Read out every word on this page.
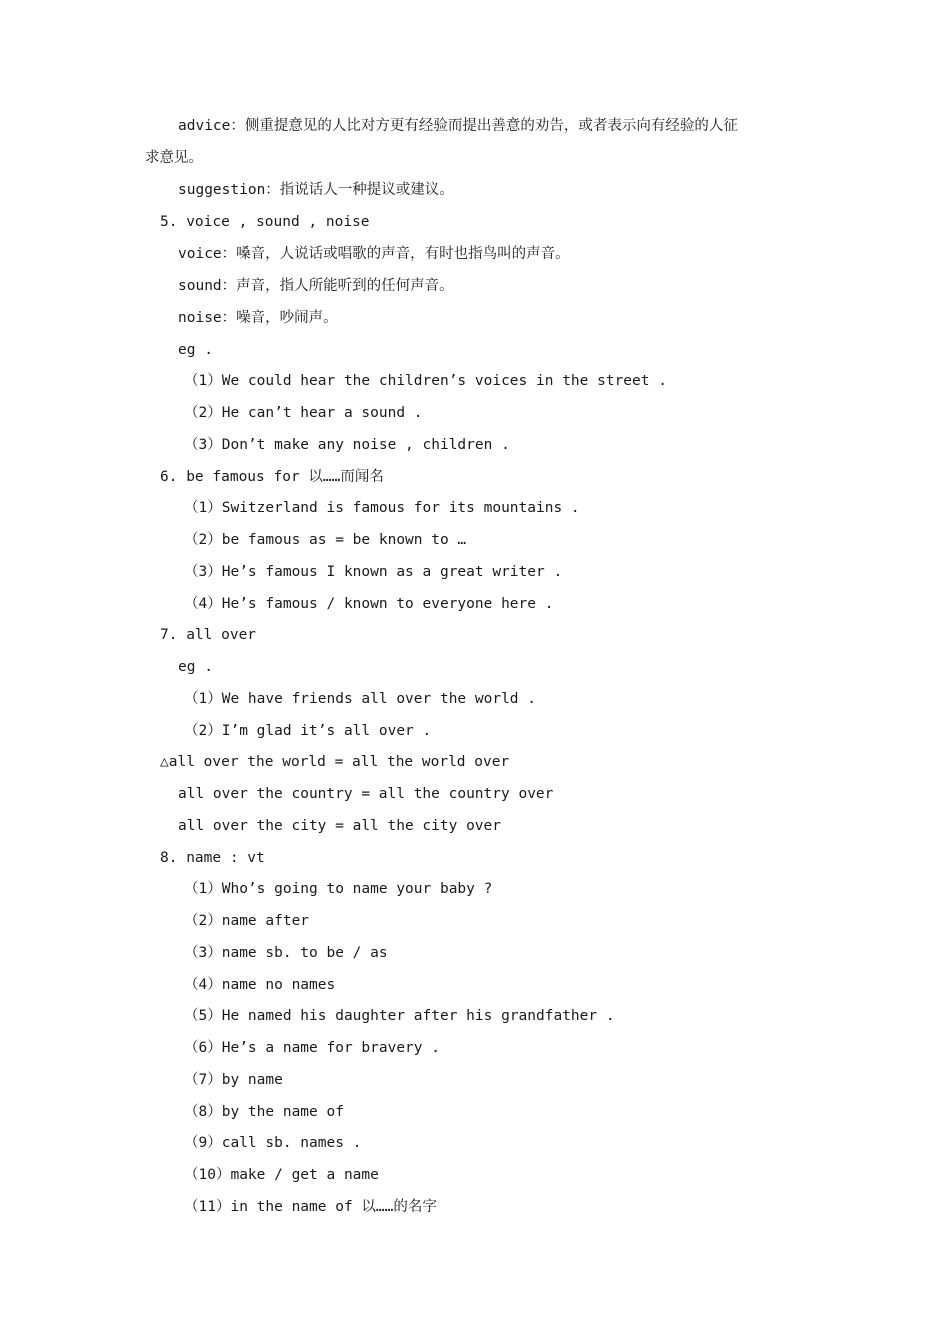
advice：侧重提意见的人比对方更有经验而提出善意的劝告，或者表示向有经验的人征
求意见。
suggestion：指说话人一种提议或建议。
5. voice , sound , noise
voice：嗓音，人说话或唱歌的声音，有时也指鸟叫的声音。
sound：声音，指人所能听到的任何声音。
noise：噪音，吵闹声。
eg .
（1）We could hear the children’s voices in the street .
（2）He can’t hear a sound .
（3）Don’t make any noise , children .
6. be famous for 以……而闻名
（1）Switzerland is famous for its mountains .
（2）be famous as = be known to …
（3）He’s famous I known as a great writer .
（4）He’s famous / known to everyone here .
7. all over
eg .
（1）We have friends all over the world .
（2）I’m glad it’s all over .
△all over the world = all the world over
all over the country = all the country over
all over the city = all the city over
8. name : vt
（1）Who’s going to name your baby ?
（2）name after
（3）name sb. to be / as
（4）name no names
（5）He named his daughter after his grandfather .
（6）He’s a name for bravery .
（7）by name
（8）by the name of
（9）call sb. names .
（10）make / get a name
（11）in the name of 以……的名字
